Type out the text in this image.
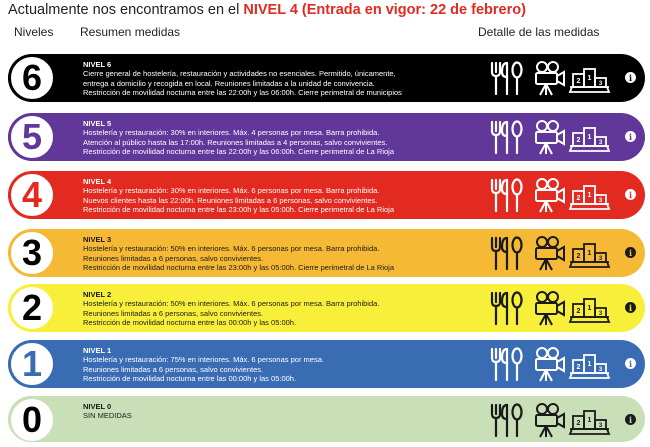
Actualmente nos encontramos en el NIVEL 4 (Entrada en vigor: 22 de febrero)
Niveles Resumen medidas	Detalle de las medidas
6	NIVEL 6
Cierre general de hostelería, restauración y actividades no esenciales. Permitido, únicamente,
entrega a domicilio y recogida en local. Reuniones limitadas a la unidad de convivencia.
Restricción de movilidad nocturna entre las 22:00h y las 06:00h. Cierre perimetral de municipios
1
2	3
i
5	NIVEL 5
Hostelería y restauración: 30% en interiores. Máx. 4 personas por mesa. Barra prohibida.
Atención al público hasta las 17:00h. Reuniones limitadas a 4 personas, salvo convivientes.
Restricción de movilidad nocturna entre las 22:00h y las 06:00h. Cierre perimetral de La Rioja
1
2	3
i
4	NIVEL 4
Hostelería y restauración: 30% en interiores. Máx. 6 personas por mesa. Barra prohibida.
Nuevos clientes hasta las 22:00h. Reuniones limitadas a 6 personas, salvo convivientes.
Restricción de movilidad nocturna entre las 23:00h y las 05:00h. Cierre perimetral de La Rioja
1
2	3
i
3	NIVEL 3
Hostelería y restauración: 50% en interiores. Máx. 6 personas por mesa. Barra prohibida.
Reuniones limitadas a 6 personas, salvo convivientes.
Restricción de movilidad nocturna entre las 23:00h y las 05:00h. Cierre perimetral de La Rioja
1
2	3
i
2	NIVEL 2
Hostelería y restauración: 50% en interiores. Máx. 6 personas por mesa. Barra prohibida.
Reuniones limitadas a 6 personas, salvo convivientes.
Restricción de movilidad nocturna entre las 00:00h y las 05:00h.
1
2	3
i
1	NIVEL 1
Hostelería y restauración: 75% en interiores. Máx. 6 personas por mesa.
Reuniones limitadas a 6 personas, salvo convivientes.
Restricción de movilidad nocturna entre las 00:00h y las 05:00h.
1
2	3
i
0	NIVEL 0
SIN MEDIDAS
1
2	3
i
